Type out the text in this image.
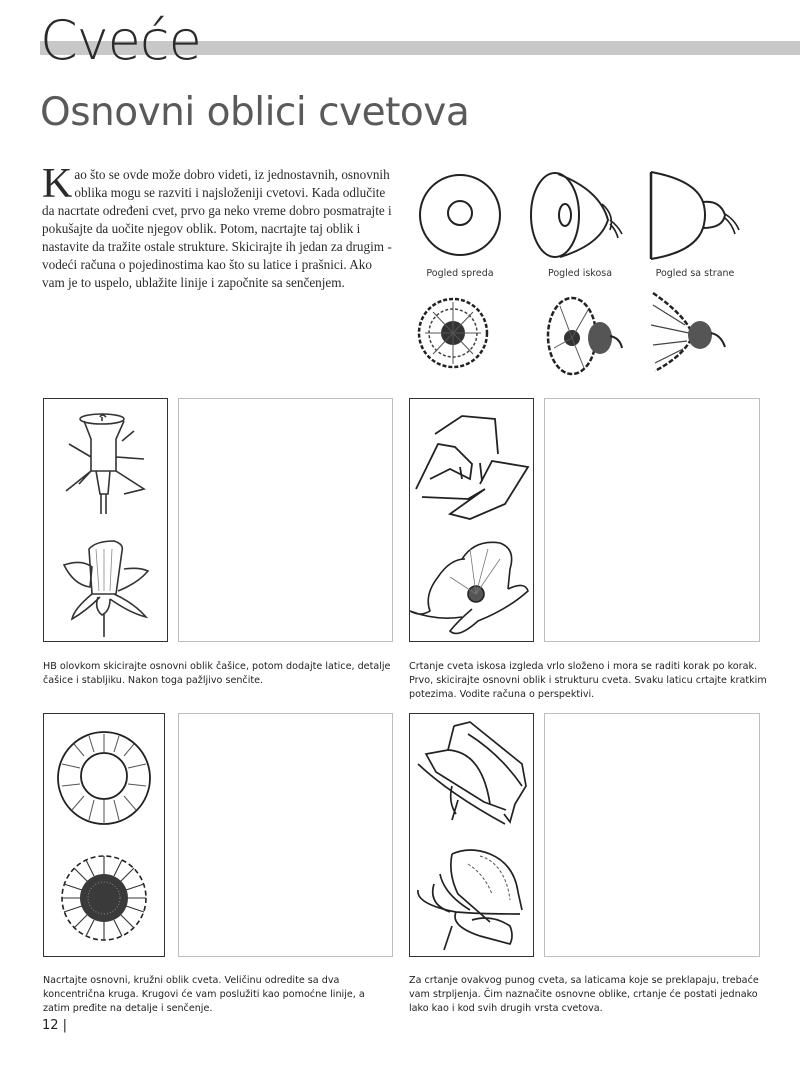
Cveće
Osnovni oblici cvetova
Kao što se ovde može dobro videti, iz jednostavnih, osnovnih oblika mogu se razviti i najsloženiji cvetovi. Kada odlučite da nacrtate određeni cvet, prvo ga neko vreme dobro posmatrajte i pokušajte da uočite njegov oblik. Potom, nacrtajte taj oblik i nastavite da tražite ostale strukture. Skicirajte ih jedan za drugim - vodeći računa o pojedinostima kao što su latice i prašnici. Ako vam je to uspelo, ublažite linije i započnite sa senčenjem.
Pogled spreda	Pogled iskosa	Pogled sa strane
HB olovkom skicirajte osnovni oblik čašice, potom dodajte latice, detalje čašice i stabljiku. Nakon toga pažljivo senčite.
Crtanje cveta iskosa izgleda vrlo složeno i mora se raditi korak po korak. Prvo, skicirajte osnovni oblik i strukturu cveta. Svaku laticu crtajte kratkim potezima. Vodite računa o perspektivi.
Nacrtajte osnovni, kružni oblik cveta. Veličinu odredite sa dva koncentrična kruga. Krugovi će vam poslužiti kao pomoćne linije, a zatim pređite na detalje i senčenje.
Za crtanje ovakvog punog cveta, sa laticama koje se preklapaju, trebaće vam strpljenja. Čim naznačite osnovne oblike, crtanje će postati jednako lako kao i kod svih drugih vrsta cvetova.
12 |
